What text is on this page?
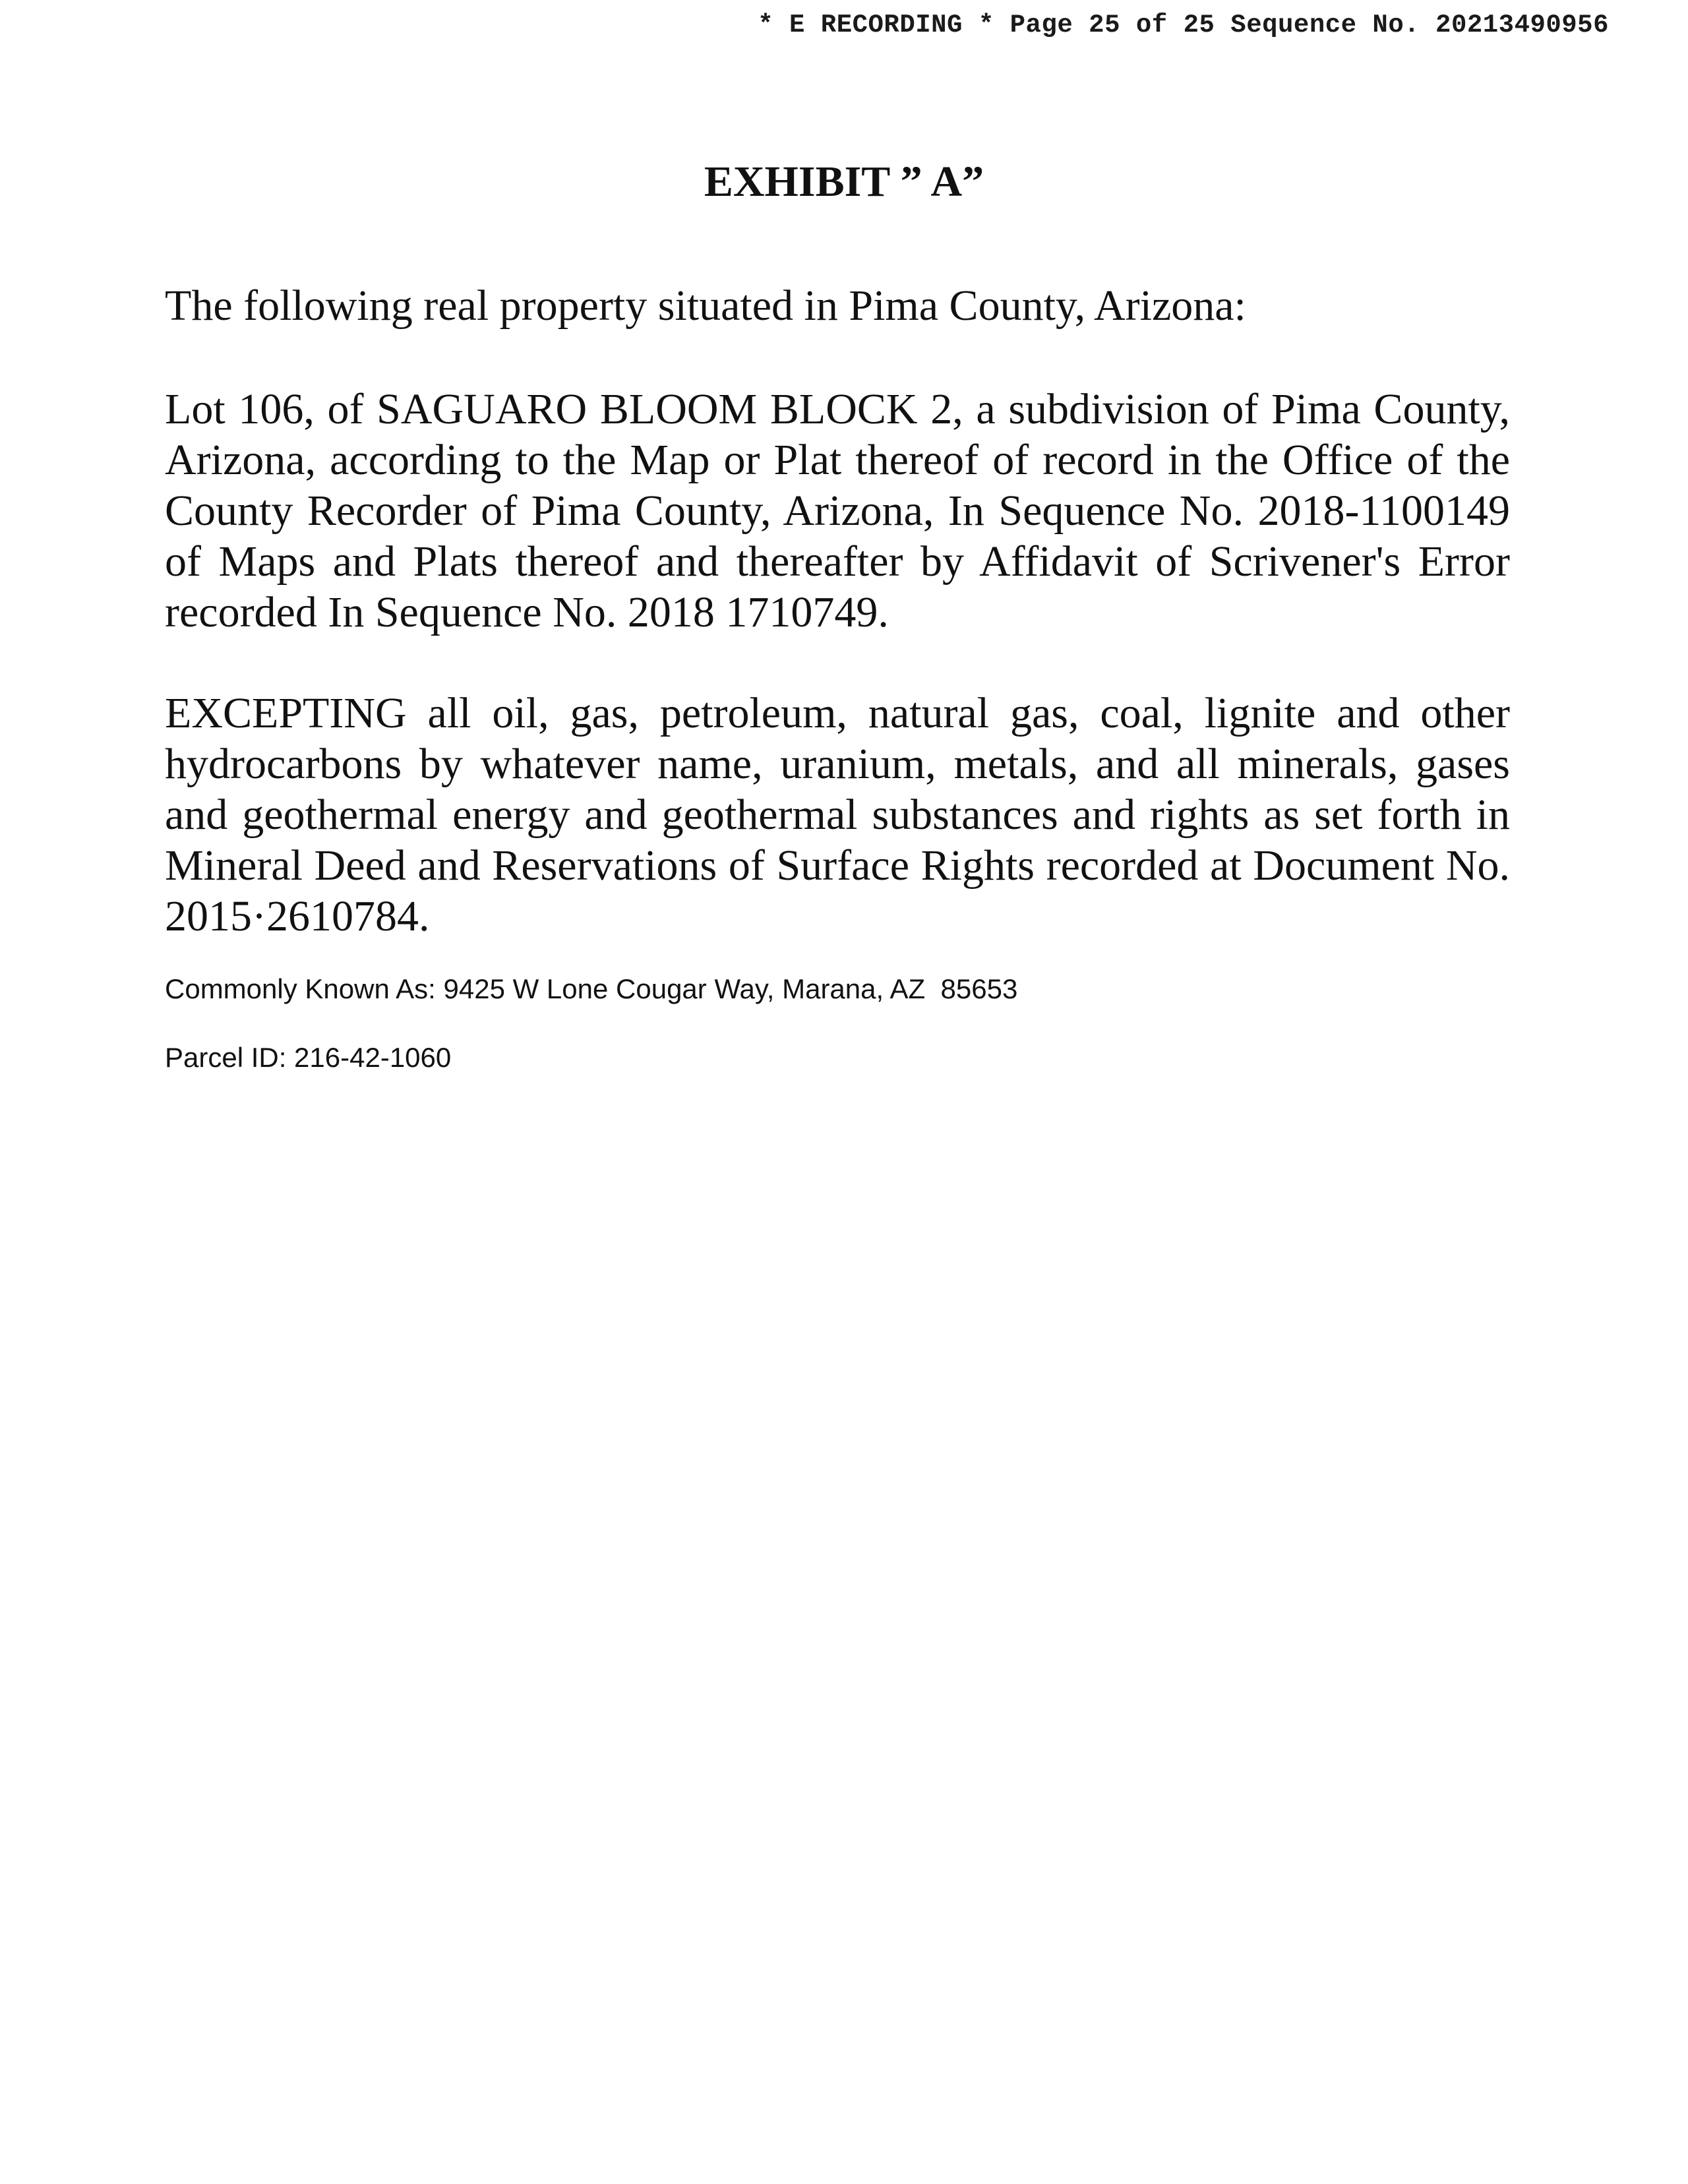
* E RECORDING * Page 25 of 25 Sequence No. 20213490956
EXHIBIT ” A”

The following real property situated in Pima County, Arizona:

Lot 106, of SAGUARO BLOOM BLOCK 2, a subdivision of Pima County, Arizona, according to the Map or Plat thereof of record in the Office of the County Recorder of Pima County, Arizona, In Sequence No. 2018-1100149 of Maps and Plats thereof and thereafter by Affidavit of Scrivener's Error recorded In Sequence No. 2018 1710749.

EXCEPTING all oil, gas, petroleum, natural gas, coal, lignite and other hydrocarbons by whatever name, uranium, metals, and all minerals, gases and geothermal energy and geothermal substances and rights as set forth in Mineral Deed and Reservations of Surface Rights recorded at Document No. 2015·2610784.

Commonly Known As: 9425 W Lone Cougar Way, Marana, AZ  85653

Parcel ID: 216-42-1060
